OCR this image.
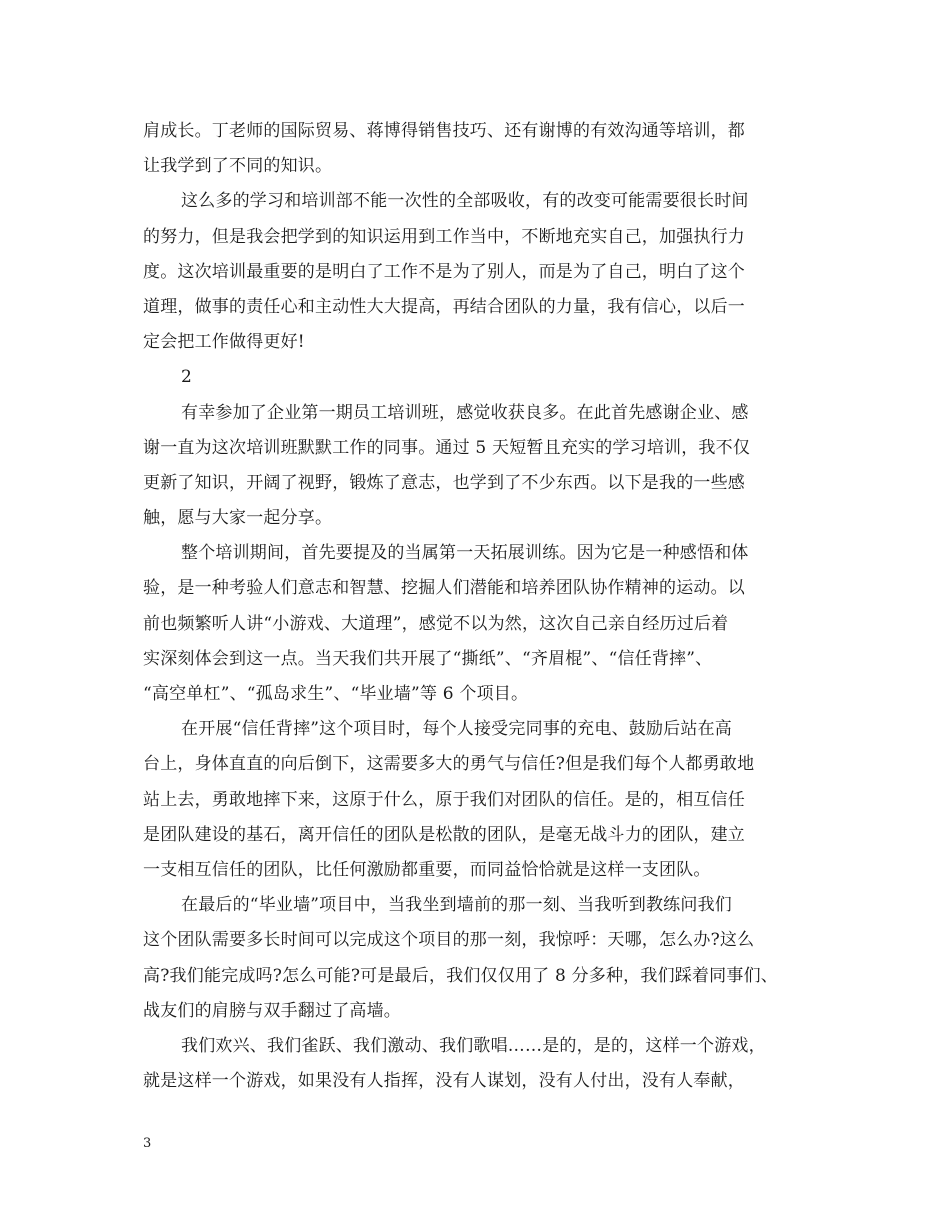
肩成长。丁老师的国际贸易、蒋博得销售技巧、还有谢博的有效沟通等培训，都
让我学到了不同的知识。
这么多的学习和培训部不能一次性的全部吸收，有的改变可能需要很长时间
的努力，但是我会把学到的知识运用到工作当中，不断地充实自己，加强执行力
度。这次培训最重要的是明白了工作不是为了别人，而是为了自己，明白了这个
道理，做事的责任心和主动性大大提高，再结合团队的力量，我有信心，以后一
定会把工作做得更好!
2
有幸参加了企业第一期员工培训班，感觉收获良多。在此首先感谢企业、感
谢一直为这次培训班默默工作的同事。通过 5 天短暂且充实的学习培训，我不仅
更新了知识，开阔了视野，锻炼了意志，也学到了不少东西。以下是我的一些感
触，愿与大家一起分享。
整个培训期间，首先要提及的当属第一天拓展训练。因为它是一种感悟和体
验，是一种考验人们意志和智慧、挖掘人们潜能和培养团队协作精神的运动。以
前也频繁听人讲“小游戏、大道理”，感觉不以为然，这次自己亲自经历过后着
实深刻体会到这一点。当天我们共开展了“撕纸”、“齐眉棍”、“信任背摔”、
“高空单杠”、“孤岛求生”、“毕业墙”等 6 个项目。
在开展“信任背摔”这个项目时，每个人接受完同事的充电、鼓励后站在高
台上，身体直直的向后倒下，这需要多大的勇气与信任?但是我们每个人都勇敢地
站上去，勇敢地摔下来，这原于什么，原于我们对团队的信任。是的，相互信任
是团队建设的基石，离开信任的团队是松散的团队，是毫无战斗力的团队，建立
一支相互信任的团队，比任何激励都重要，而同益恰恰就是这样一支团队。
在最后的“毕业墙”项目中，当我坐到墙前的那一刻、当我听到教练问我们
这个团队需要多长时间可以完成这个项目的那一刻，我惊呼：天哪，怎么办?这么
高?我们能完成吗?怎么可能?可是最后，我们仅仅用了 8 分多种，我们踩着同事们、
战友们的肩膀与双手翻过了高墙。
我们欢兴、我们雀跃、我们激动、我们歌唱……是的，是的，这样一个游戏，
就是这样一个游戏，如果没有人指挥，没有人谋划，没有人付出，没有人奉献，
3
